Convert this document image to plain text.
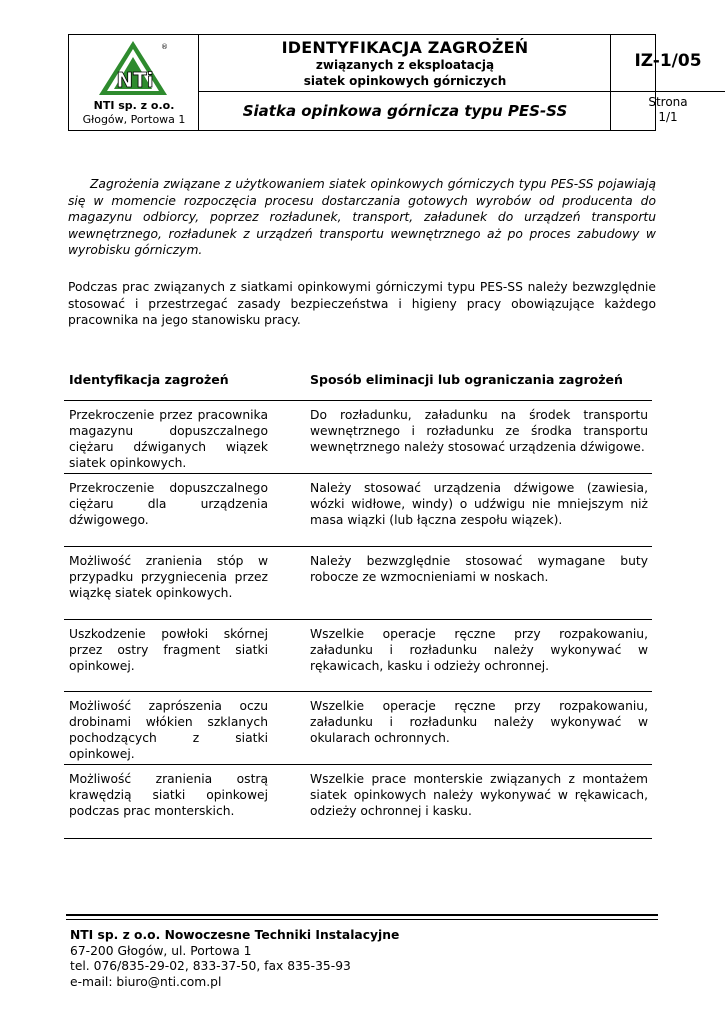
NTi
®
NTI sp. z o.o.
Głogów, Portowa 1
IDENTYFIKACJA ZAGROŻEŃ
związanych z eksploatacją
siatek opinkowych górniczych
Siatka opinkowa górnicza typu PES-SS
IZ-1/05
Strona
1/1

Zagrożenia związane z użytkowaniem siatek opinkowych górniczych typu PES-SS pojawiają się w momencie rozpoczęcia procesu dostarczania gotowych wyrobów od producenta do magazynu odbiorcy, poprzez rozładunek, transport, załadunek do urządzeń transportu wewnętrznego, rozładunek z urządzeń transportu wewnętrznego aż po proces zabudowy w wyrobisku górniczym.

Podczas prac związanych z siatkami opinkowymi górniczymi typu PES-SS należy bezwzględnie stosować i przestrzegać zasady bezpieczeństwa i higieny pracy obowiązujące każdego pracownika na jego stanowisku pracy.

Identyfikacja zagrożeń	Sposób eliminacji lub ograniczania zagrożeń
Przekroczenie przez pracownika magazynu dopuszczalnego ciężaru dźwiganych wiązek siatek opinkowych.
Do rozładunku, załadunku na środek transportu wewnętrznego i rozładunku ze środka transportu wewnętrznego należy stosować urządzenia dźwigowe.
Przekroczenie dopuszczalnego ciężaru dla urządzenia dźwigowego.
Należy stosować urządzenia dźwigowe (zawiesia, wózki widłowe, windy) o udźwigu nie mniejszym niż masa wiązki (lub łączna zespołu wiązek).
Możliwość zranienia stóp w przypadku przygniecenia przez wiązkę siatek opinkowych.
Należy bezwzględnie stosować wymagane buty robocze ze wzmocnieniami w noskach.
Uszkodzenie powłoki skórnej przez ostry fragment siatki opinkowej.
Wszelkie operacje ręczne przy rozpakowaniu, załadunku i rozładunku należy wykonywać w rękawicach, kasku i odzieży ochronnej.
Możliwość zaprószenia oczu drobinami włókien szklanych pochodzących z siatki opinkowej.
Wszelkie operacje ręczne przy rozpakowaniu, załadunku i rozładunku należy wykonywać w okularach ochronnych.
Możliwość zranienia ostrą krawędzią siatki opinkowej podczas prac monterskich.
Wszelkie prace monterskie związanych z montażem siatek opinkowych należy wykonywać w rękawicach, odzieży ochronnej i kasku.
NTI sp. z o.o. Nowoczesne Techniki Instalacyjne
67-200 Głogów, ul. Portowa 1
tel. 076/835-29-02, 833-37-50, fax 835-35-93
e-mail: biuro@nti.com.pl
